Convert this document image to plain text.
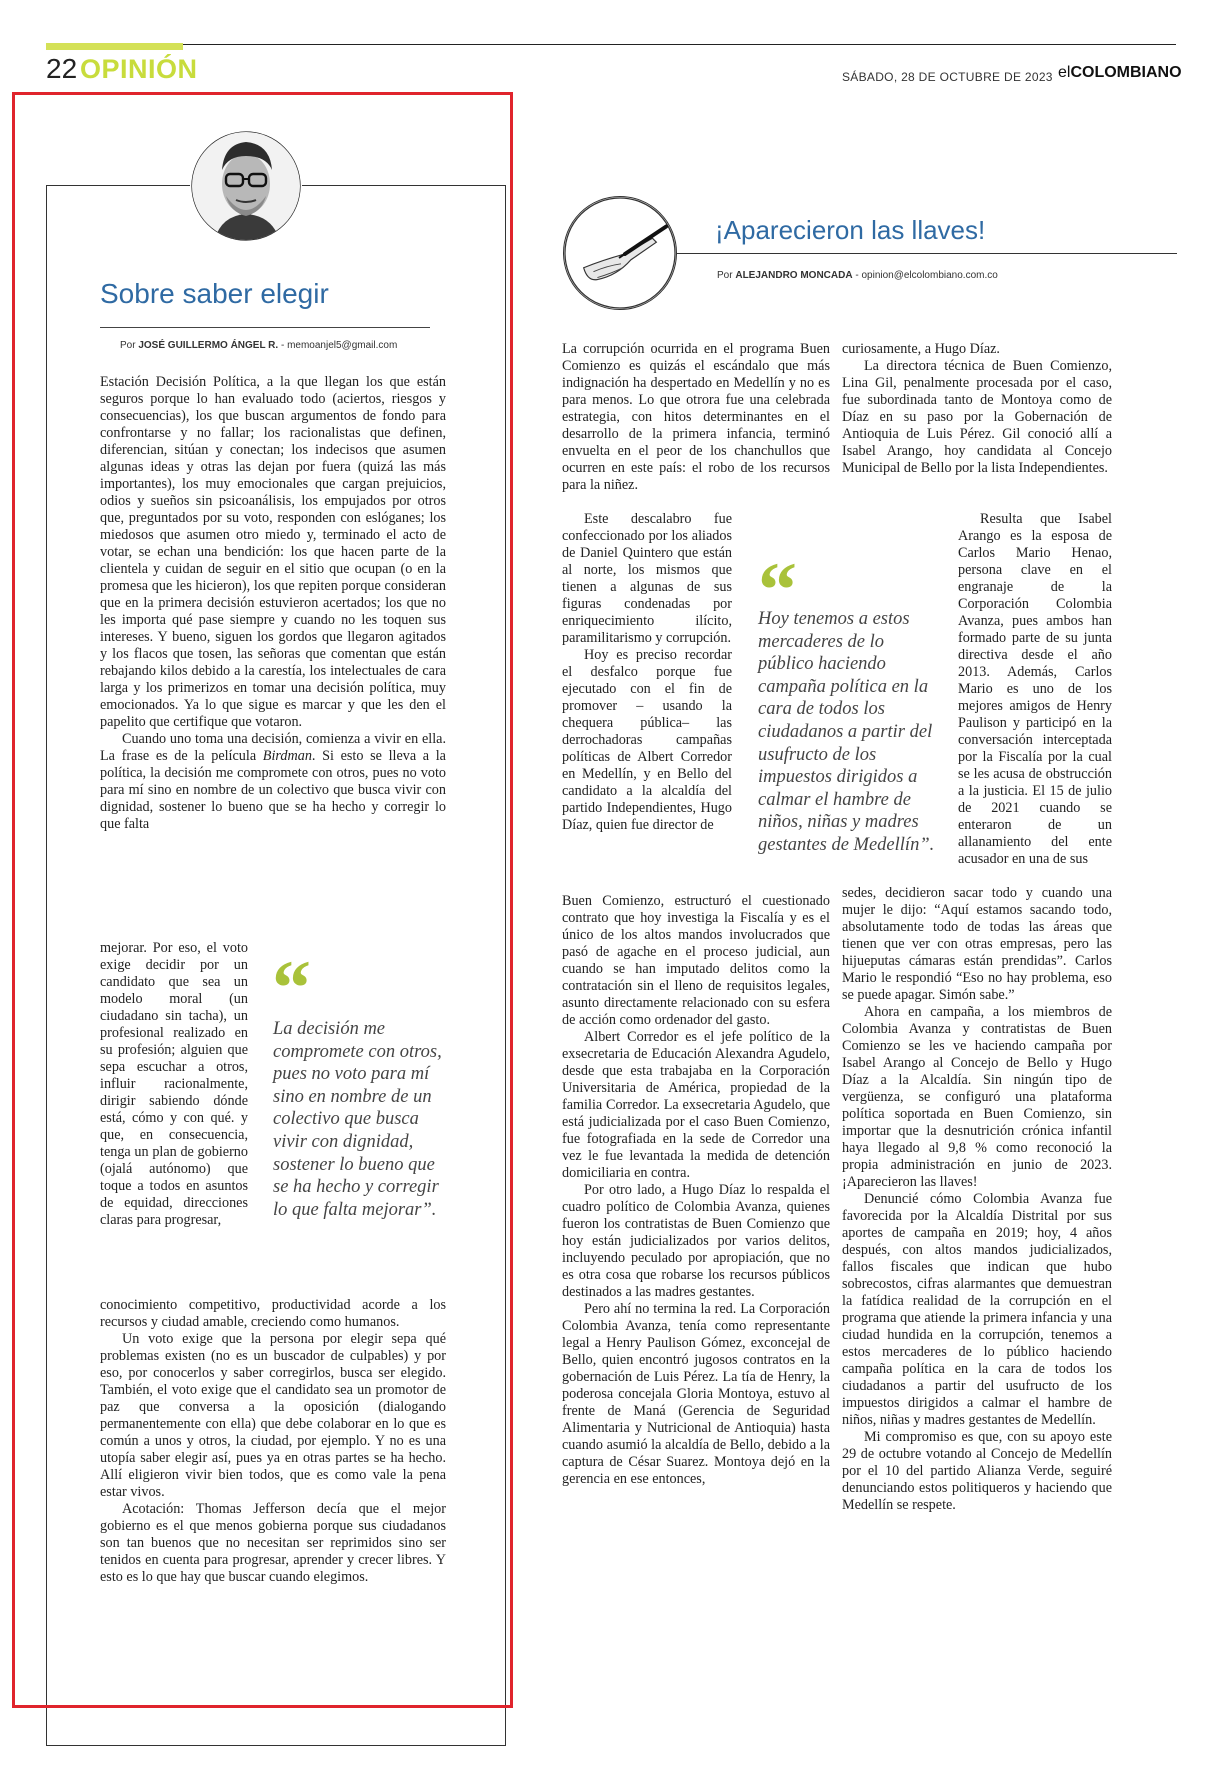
22 OPINIÓN	SÁBADO, 28 DE OCTUBRE DE 2023 elCOLOMBIANO
Sobre saber elegir
Por JOSÉ GUILLERMO ÁNGEL R. - memoanjel5@gmail.com

Estación Decisión Política, a la que llegan los que están seguros porque lo han evaluado todo (aciertos, riesgos y consecuencias), los que buscan argumentos de fondo para confrontarse y no fallar; los racionalistas que definen, diferencian, sitúan y conectan; los indecisos que asumen algunas ideas y otras las dejan por fuera (quizá las más importantes), los muy emocionales que cargan prejuicios, odios y sueños sin psicoanálisis, los empujados por otros que, preguntados por su voto, responden con eslóganes; los miedosos que asumen otro miedo y, terminado el acto de votar, se echan una bendición: los que hacen parte de la clientela y cuidan de seguir en el sitio que ocupan (o en la promesa que les hicieron), los que repiten porque consideran que en la primera decisión estuvieron acertados; los que no les importa qué pase siempre y cuando no les toquen sus intereses. Y bueno, siguen los gordos que llegaron agitados y los flacos que tosen, las señoras que comentan que están rebajando kilos debido a la carestía, los intelectuales de cara larga y los primerizos en tomar una decisión política, muy emocionados. Ya lo que sigue es marcar y que les den el papelito que certifique que votaron.

Cuando uno toma una decisión, comienza a vivir en ella. La frase es de la película Birdman. Si esto se lleva a la política, la decisión me compromete con otros, pues no voto para mí sino en nombre de un colectivo que busca vivir con dignidad, sostener lo bueno que se ha hecho y corregir lo que falta

mejorar. Por eso, el voto exige decidir por un candidato que sea un modelo moral (un ciudadano sin tacha), un profesional realizado en su profesión; alguien que sepa escuchar a otros, influir racionalmente, dirigir sabiendo dónde está, cómo y con qué. y que, en consecuencia, tenga un plan de gobierno (ojalá autónomo) que toque a todos en asuntos de equidad, direcciones claras para progresar,

conocimiento competitivo, productividad acorde a los recursos y ciudad amable, creciendo como humanos.

Un voto exige que la persona por elegir sepa qué problemas existen (no es un buscador de culpables) y por eso, por conocerlos y saber corregirlos, busca ser elegido. También, el voto exige que el candidato sea un promotor de paz que conversa a la oposición (dialogando permanentemente con ella) que debe colaborar en lo que es común a unos y otros, la ciudad, por ejemplo. Y no es una utopía saber elegir así, pues ya en otras partes se ha hecho. Allí eligieron vivir bien todos, que es como vale la pena estar vivos.

Acotación: Thomas Jefferson decía que el mejor gobierno es el que menos gobierna porque sus ciudadanos son tan buenos que no necesitan ser reprimidos sino ser tenidos en cuenta para progresar, aprender y crecer libres. Y esto es lo que hay que buscar cuando elegimos.

“
La decisión me compromete con otros, pues no voto para mí sino en nombre de un colectivo que busca vivir con dignidad, sostener lo bueno que se ha hecho y corregir lo que falta mejorar”.
¡Aparecieron las llaves!
Por ALEJANDRO MONCADA - opinion@elcolombiano.com.co

La corrupción ocurrida en el programa Buen Comienzo es quizás el escándalo que más indignación ha despertado en Medellín y no es para menos. Lo que otrora fue una celebrada estrategia, con hitos determinantes en el desarrollo de la primera infancia, terminó envuelta en el peor de los chanchullos que ocurren en este país: el robo de los recursos para la niñez.

Este descalabro fue confeccionado por los aliados de Daniel Quintero que están al norte, los mismos que tienen a algunas de sus figuras condenadas por enriquecimiento ilícito, paramilitarismo y corrupción.

Hoy es preciso recordar el desfalco porque fue ejecutado con el fin de promover – usando la chequera pública– las derrochadoras campañas políticas de Albert Corredor en Medellín, y en Bello del candidato a la alcaldía del partido Independientes, Hugo Díaz, quien fue director de

Buen Comienzo, estructuró el cuestionado contrato que hoy investiga la Fiscalía y es el único de los altos mandos involucrados que pasó de agache en el proceso judicial, aun cuando se han imputado delitos como la contratación sin el lleno de requisitos legales, asunto directamente relacionado con su esfera de acción como ordenador del gasto.

Albert Corredor es el jefe político de la exsecretaria de Educación Alexandra Agudelo, desde que esta trabajaba en la Corporación Universitaria de América, propiedad de la familia Corredor. La exsecretaria Agudelo, que está judicializada por el caso Buen Comienzo, fue fotografiada en la sede de Corredor una vez le fue levantada la medida de detención domiciliaria en contra.

Por otro lado, a Hugo Díaz lo respalda el cuadro político de Colombia Avanza, quienes fueron los contratistas de Buen Comienzo que hoy están judicializados por varios delitos, incluyendo peculado por apropiación, que no es otra cosa que robarse los recursos públicos destinados a las madres gestantes.

Pero ahí no termina la red. La Corporación Colombia Avanza, tenía como representante legal a Henry Paulison Gómez, exconcejal de Bello, quien encontró jugosos contratos en la gobernación de Luis Pérez. La tía de Henry, la poderosa concejala Gloria Montoya, estuvo al frente de Maná (Gerencia de Seguridad Alimentaria y Nutricional de Antioquia) hasta cuando asumió la alcaldía de Bello, debido a la captura de César Suarez. Montoya dejó en la gerencia en ese entonces,

curiosamente, a Hugo Díaz.

La directora técnica de Buen Comienzo, Lina Gil, penalmente procesada por el caso, fue subordinada tanto de Montoya como de Díaz en su paso por la Gobernación de Antioquia de Luis Pérez. Gil conoció allí a Isabel Arango, hoy candidata al Concejo Municipal de Bello por la lista Independientes.

Resulta que Isabel Arango es la esposa de Carlos Mario Henao, persona clave en el engranaje de la Corporación Colombia Avanza, pues ambos han formado parte de su junta directiva desde el año 2013. Además, Carlos Mario es uno de los mejores amigos de Henry Paulison y participó en la conversación interceptada por la Fiscalía por la cual se les acusa de obstrucción a la justicia. El 15 de julio de 2021 cuando se enteraron de un allanamiento del ente acusador en una de sus

sedes, decidieron sacar todo y cuando una mujer le dijo: “Aquí estamos sacando todo, absolutamente todo de todas las áreas que tienen que ver con otras empresas, pero las hijueputas cámaras están prendidas”. Carlos Mario le respondió “Eso no hay problema, eso se puede apagar. Simón sabe.”

Ahora en campaña, a los miembros de Colombia Avanza y contratistas de Buen Comienzo se les ve haciendo campaña por Isabel Arango al Concejo de Bello y Hugo Díaz a la Alcaldía. Sin ningún tipo de vergüenza, se configuró una plataforma política soportada en Buen Comienzo, sin importar que la desnutrición crónica infantil haya llegado al 9,8 % como reconoció la propia administración en junio de 2023. ¡Aparecieron las llaves!

Denuncié cómo Colombia Avanza fue favorecida por la Alcaldía Distrital por sus aportes de campaña en 2019; hoy, 4 años después, con altos mandos judicializados, fallos fiscales que indican que hubo sobrecostos, cifras alarmantes que demuestran la fatídica realidad de la corrupción en el programa que atiende la primera infancia y una ciudad hundida en la corrupción, tenemos a estos mercaderes de lo público haciendo campaña política en la cara de todos los ciudadanos a partir del usufructo de los impuestos dirigidos a calmar el hambre de niños, niñas y madres gestantes de Medellín.

Mi compromiso es que, con su apoyo este 29 de octubre votando al Concejo de Medellín por el 10 del partido Alianza Verde, seguiré denunciando estos politiqueros y haciendo que Medellín se respete.

“
Hoy tenemos a estos mercaderes de lo público haciendo campaña política en la cara de todos los ciudadanos a partir del usufructo de los impuestos dirigidos a calmar el hambre de niños, niñas y madres gestantes de Medellín”.
